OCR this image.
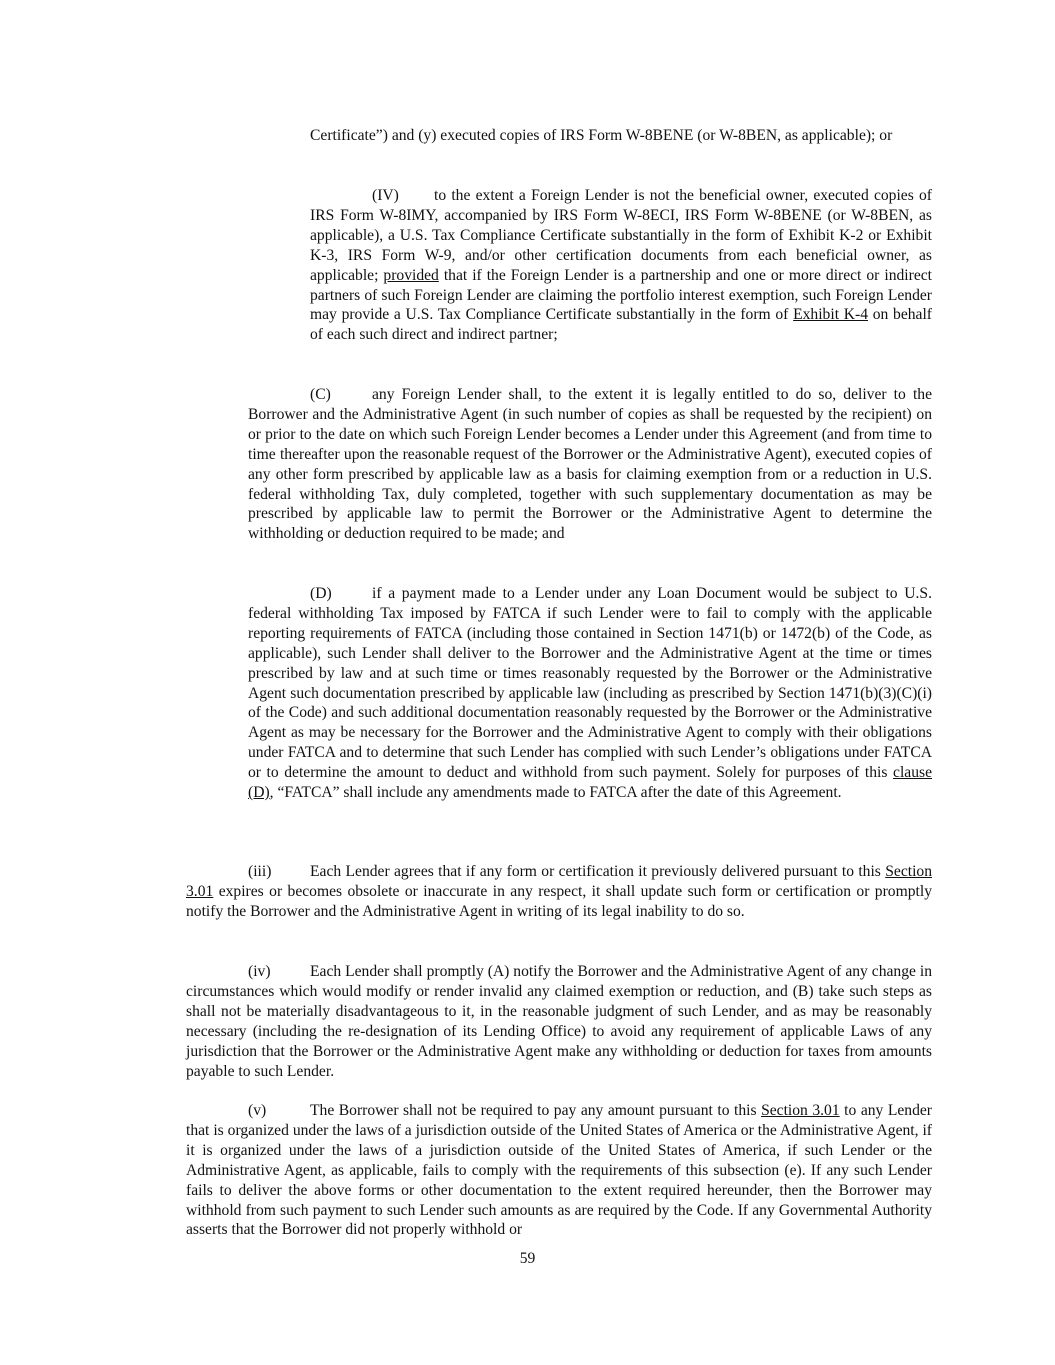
Certificate”) and (y) executed copies of IRS Form W-8BENE (or W-8BEN, as applicable); or

(IV) to the extent a Foreign Lender is not the beneficial owner, executed copies of IRS Form W-8IMY, accompanied by IRS Form W-8ECI, IRS Form W-8BENE (or W-8BEN, as applicable), a U.S. Tax Compliance Certificate substantially in the form of Exhibit K-2 or Exhibit K-3, IRS Form W-9, and/or other certification documents from each beneficial owner, as applicable; provided that if the Foreign Lender is a partnership and one or more direct or indirect partners of such Foreign Lender are claiming the portfolio interest exemption, such Foreign Lender may provide a U.S. Tax Compliance Certificate substantially in the form of Exhibit K-4 on behalf of each such direct and indirect partner;

(C)	any Foreign Lender shall, to the extent it is legally entitled to do so, deliver to the Borrower and the Administrative Agent (in such number of copies as shall be requested by the recipient) on or prior to the date on which such Foreign Lender becomes a Lender under this Agreement (and from time to time thereafter upon the reasonable request of the Borrower or the Administrative Agent), executed copies of any other form prescribed by applicable law as a basis for claiming exemption from or a reduction in U.S. federal withholding Tax, duly completed, together with such supplementary documentation as may be prescribed by applicable law to permit the Borrower or the Administrative Agent to determine the withholding or deduction required to be made; and

(D)	if a payment made to a Lender under any Loan Document would be subject to U.S. federal withholding Tax imposed by FATCA if such Lender were to fail to comply with the applicable reporting requirements of FATCA (including those contained in Section 1471(b) or 1472(b) of the Code, as applicable), such Lender shall deliver to the Borrower and the Administrative Agent at the time or times prescribed by law and at such time or times reasonably requested by the Borrower or the Administrative Agent such documentation prescribed by applicable law (including as prescribed by Section 1471(b)(3)(C)(i) of the Code) and such additional documentation reasonably requested by the Borrower or the Administrative Agent as may be necessary for the Borrower and the Administrative Agent to comply with their obligations under FATCA and to determine that such Lender has complied with such Lender’s obligations under FATCA or to determine the amount to deduct and withhold from such payment. Solely for purposes of this clause (D), “FATCA” shall include any amendments made to FATCA after the date of this Agreement.

(iii) Each Lender agrees that if any form or certification it previously delivered pursuant to this Section 3.01 expires or becomes obsolete or inaccurate in any respect, it shall update such form or certification or promptly notify the Borrower and the Administrative Agent in writing of its legal inability to do so.

(iv)	Each Lender shall promptly (A) notify the Borrower and the Administrative Agent of any change in circumstances which would modify or render invalid any claimed exemption or reduction, and (B) take such steps as shall not be materially disadvantageous to it, in the reasonable judgment of such Lender, and as may be reasonably necessary (including the re-designation of its Lending Office) to avoid any requirement of applicable Laws of any jurisdiction that the Borrower or the Administrative Agent make any withholding or deduction for taxes from amounts payable to such Lender.

(v)	The Borrower shall not be required to pay any amount pursuant to this Section 3.01 to any Lender that is organized under the laws of a jurisdiction outside of the United States of America or the Administrative Agent, if it is organized under the laws of a jurisdiction outside of the United States of America, if such Lender or the Administrative Agent, as applicable, fails to comply with the requirements of this subsection (e). If any such Lender fails to deliver the above forms or other documentation to the extent required hereunder, then the Borrower may withhold from such payment to such Lender such amounts as are required by the Code. If any Governmental Authority asserts that the Borrower did not properly withhold or

59
